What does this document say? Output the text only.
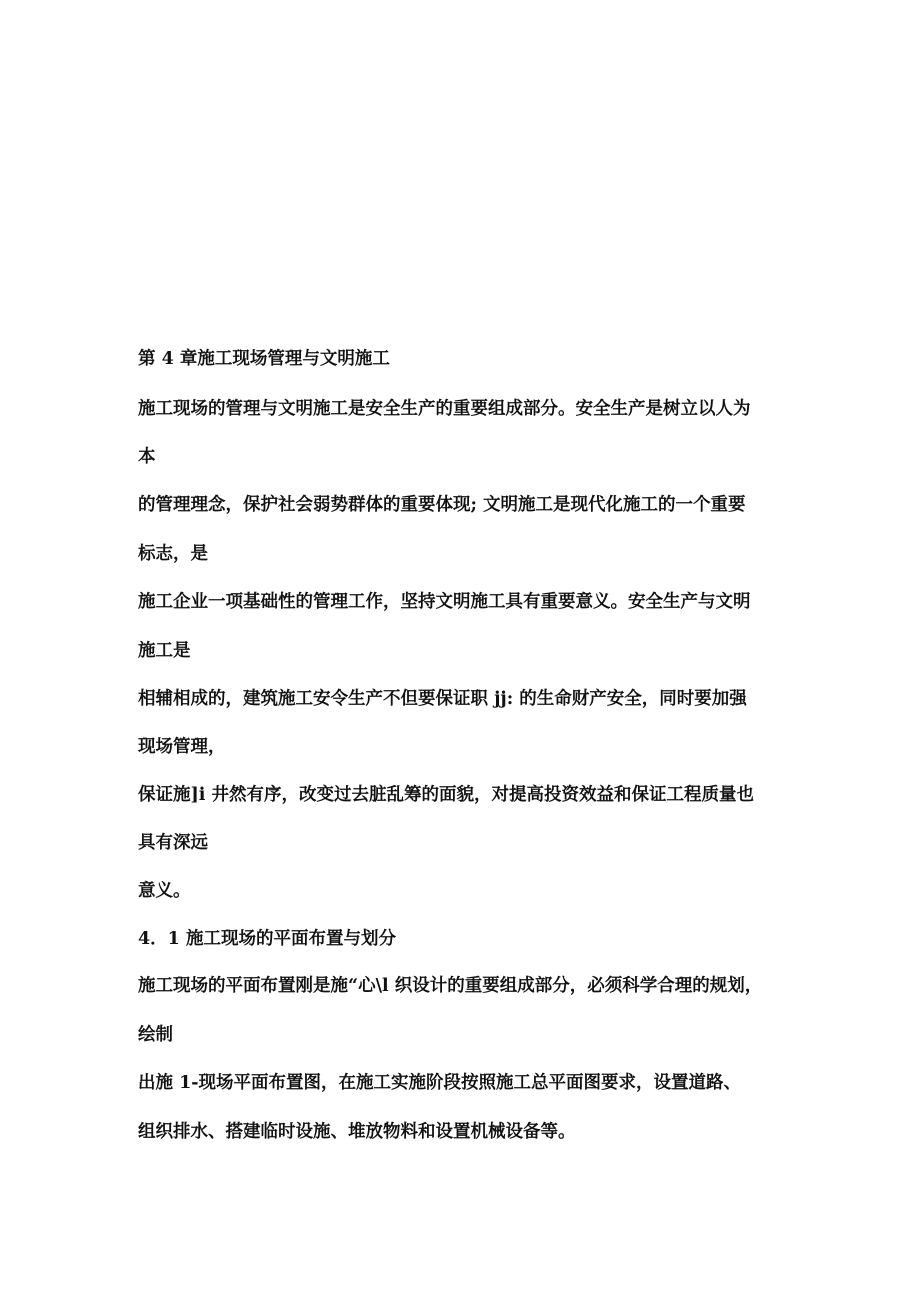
第 4 章施工现场管理与文明施工
施工现场的管理与文明施工是安全生产的重要组成部分。安全生产是树立以人为
本
的管理理念，保护社会弱势群体的重要体现; 文明施工是现代化施工的一个重要
标志，是
施工企业一项基础性的管理工作，坚持文明施工具有重要意义。安全生产与文明
施工是
相辅相成的，建筑施工安令生产不但要保证职 jj: 的生命财产安全，同时要加强
现场管理，
保证施]i 井然有序，改变过去脏乱筹的面貌，对提高投资效益和保证工程质量也
具有深远
意义。
4．1 施工现场的平面布置与划分
施工现场的平面布置刚是施“心\l 织设计的重要组成部分，必须科学合理的规划，
绘制
出施 1-现场平面布置图，在施工实施阶段按照施工总平面图要求，设置道路、
组织排水、搭建临时设施、堆放物料和设置机械设备等。
